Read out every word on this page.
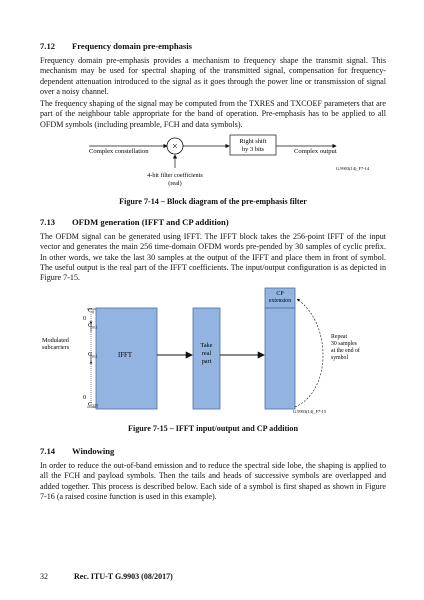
7.12 Frequency domain pre-emphasis

Frequency domain pre-emphasis provides a mechanism to frequency shape the transmit signal. This mechanism may be used for spectral shaping of the transmitted signal, compensation for frequency-dependent attenuation introduced to the signal as it goes through the power line or transmission of signal over a noisy channel.

The frequency shaping of the signal may be computed from the TXRES and TXCOEF parameters that are part of the neighbour table appropriate for the band of operation. Pre-emphasis has to be applied to all OFDM symbols (including preamble, FCH and data symbols).

Complex constellation ×	Right shift
by 3 bits	Complex output
4-bit filter coefficients
(real)
G.9903(14)_F7-14
Figure 7-14 – Block diagram of the pre-emphasis filter
7.13 OFDM generation (IFFT and CP addition)

The OFDM signal can be generated using IFFT. The IFFT block takes the 256-point IFFT of the input vector and generates the main 256 time-domain OFDM words pre-pended by 30 samples of cyclic prefix. In other words, we take the last 30 samples at the output of the IFFT and place them in front of symbol. The useful output is the real part of the IFFT coefficients. The input/output configuration is as depicted in Figure 7-15.

IFFT
$C_0$
0
$C_{m1}$
$C_{m2}$
0
$C_{255}$
Modulated
subcarriers	Take
real
part
CP
extension
Repeat
30 samples
at the end of
symbol
G.9903(14)_F7-15
Figure 7-15 – IFFT input/output and CP addition
7.14 Windowing

In order to reduce the out-of-band emission and to reduce the spectral side lobe, the shaping is applied to all the FCH and payload symbols. Then the tails and heads of successive symbols are overlapped and added together. This process is described below. Each side of a symbol is first shaped as shown in Figure 7-16 (a raised cosine function is used in this example).

32	Rec. ITU-T G.9903 (08/2017)
